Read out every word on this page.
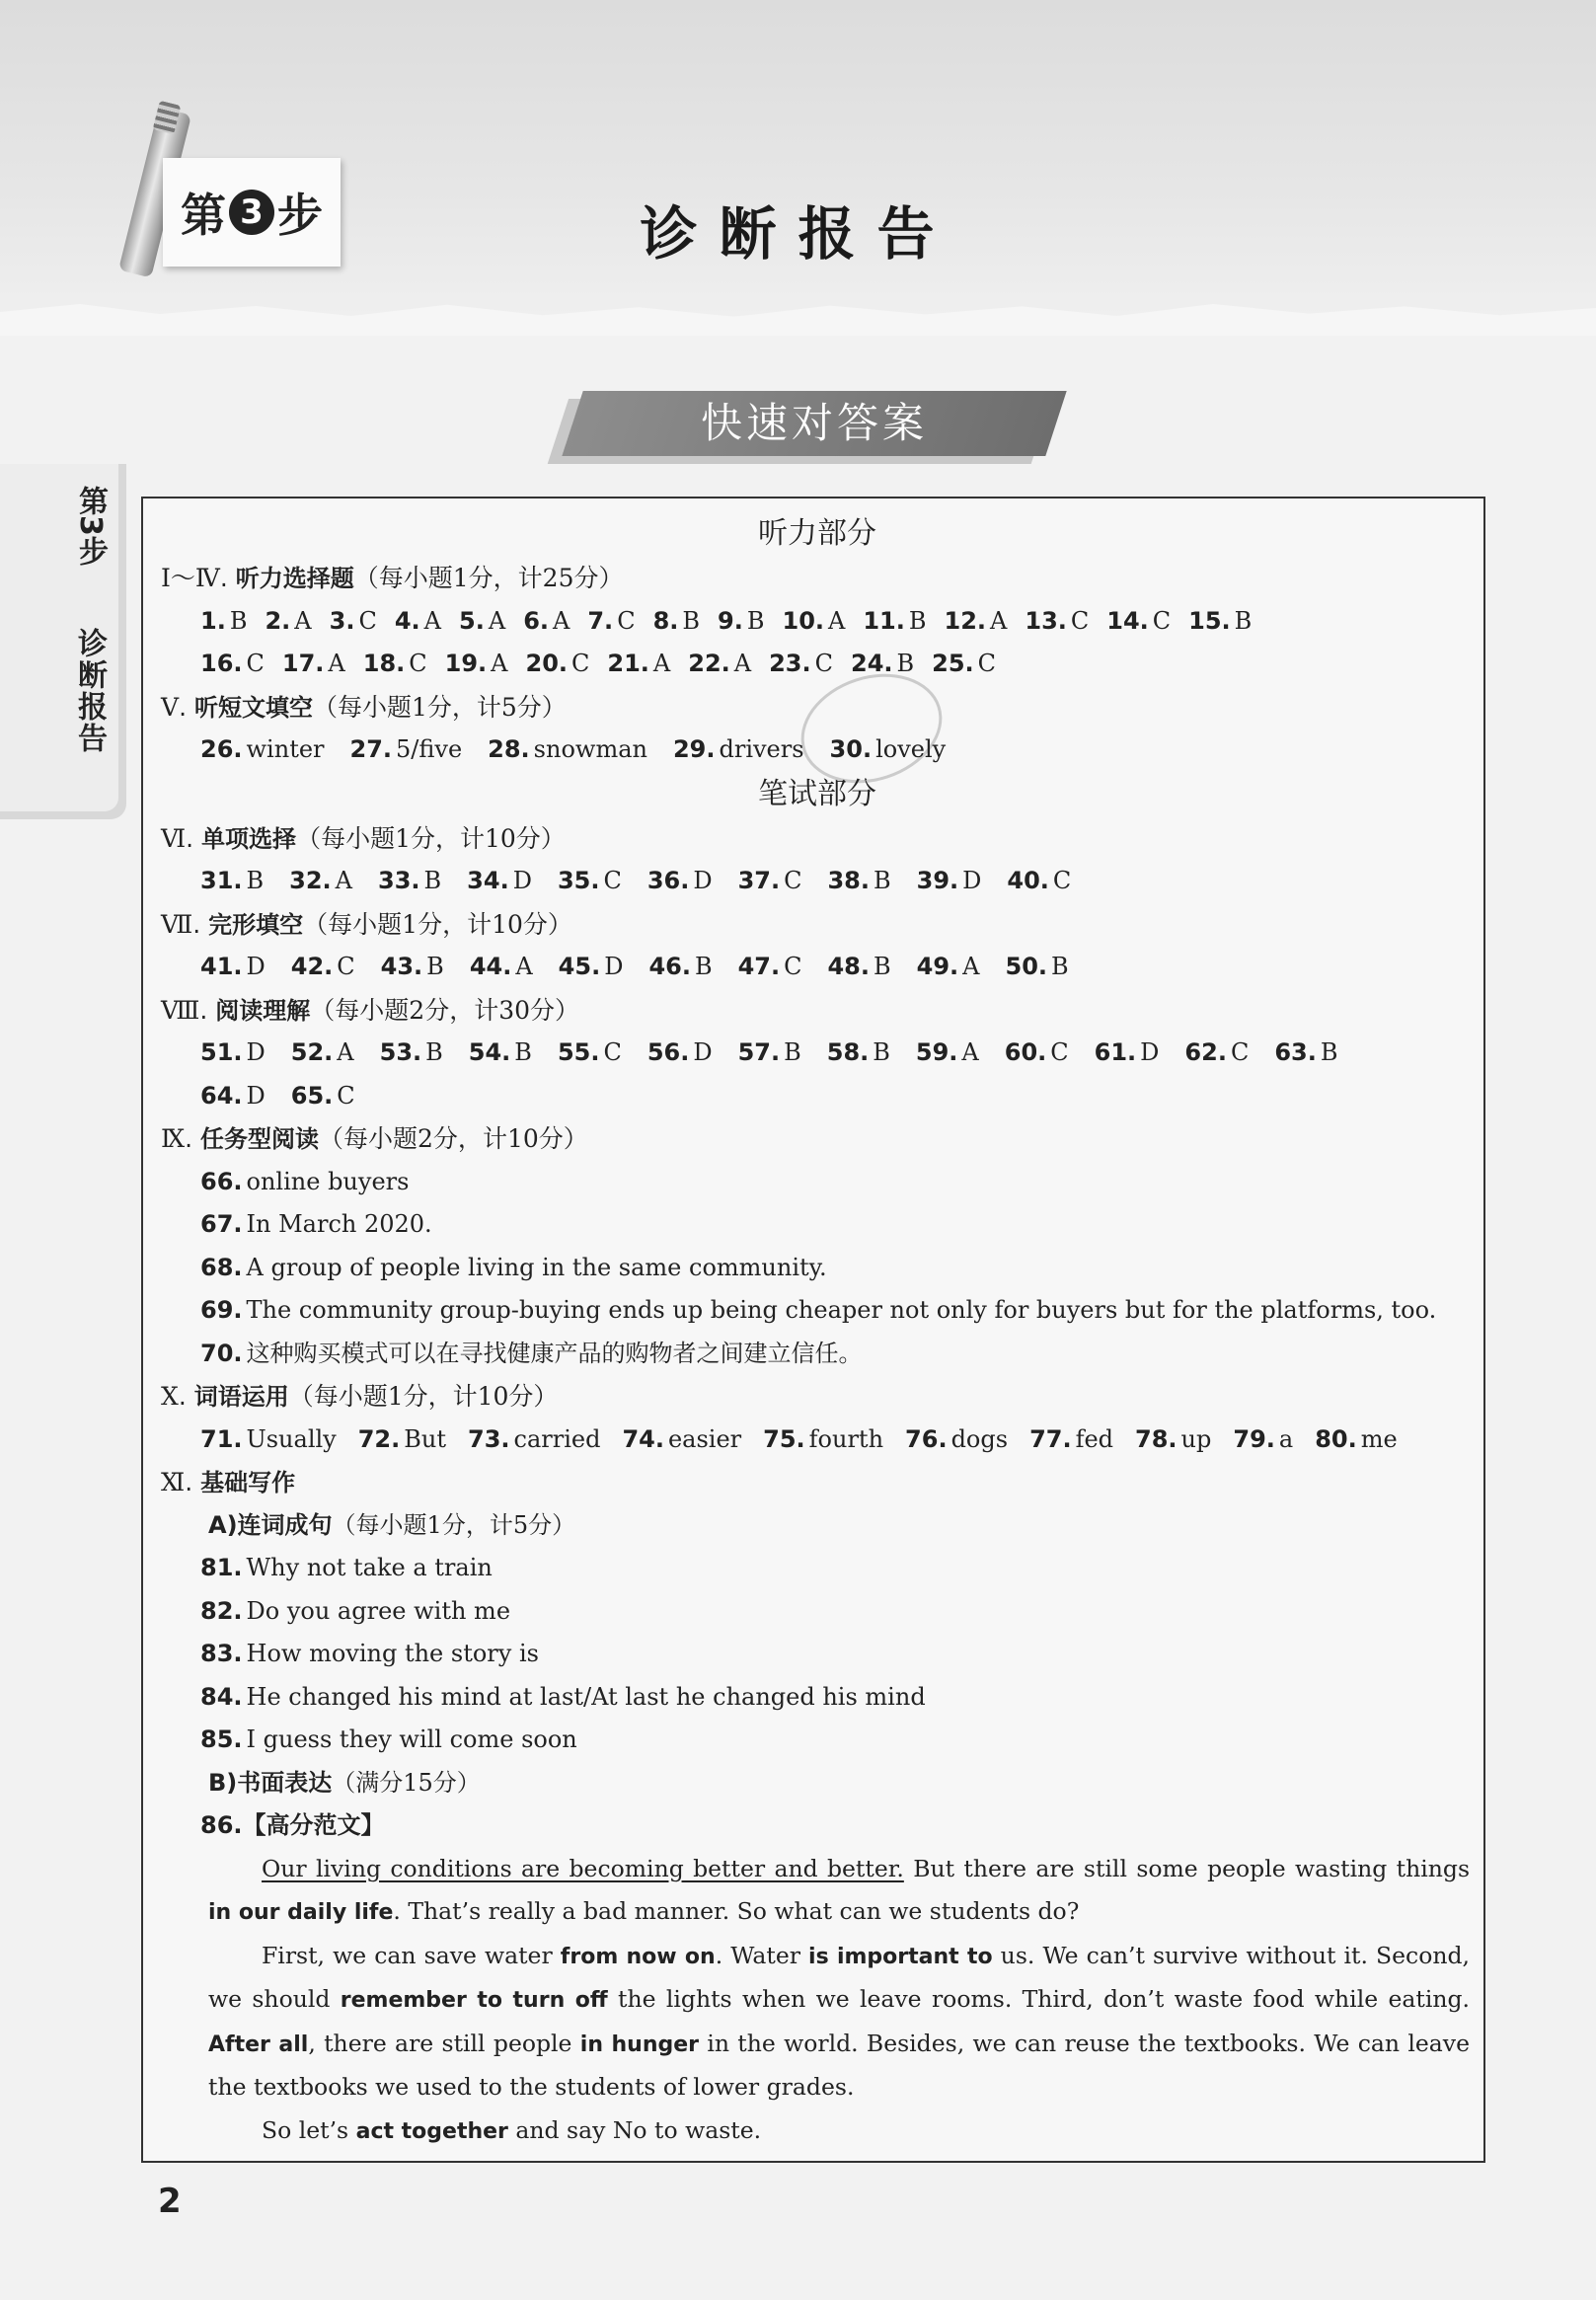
第 3 步	诊断报告
快速对答案
第3步
诊断报告
听力部分
Ⅰ～Ⅳ. 听力选择题（每小题1分，计25分）
1. B 2. A 3. C 4. A 5. A 6. A 7. C 8. B 9. B 10. A 11. B 12. A 13. C 14. C 15. B
16. C 17. A 18. C 19. A 20. C 21. A 22. A 23. C 24. B 25. C
Ⅴ. 听短文填空（每小题1分，计5分）
26. winter 27. 5/five 28. snowman 29. drivers 30. lovely
笔试部分
Ⅵ. 单项选择（每小题1分，计10分）
31. B 32. A 33. B 34. D 35. C 36. D 37. C 38. B 39. D 40. C
Ⅶ. 完形填空（每小题1分，计10分）
41. D 42. C 43. B 44. A 45. D 46. B 47. C 48. B 49. A 50. B
Ⅷ. 阅读理解（每小题2分，计30分）
51. D 52. A 53. B 54. B 55. C 56. D 57. B 58. B 59. A 60. C 61. D 62. C 63. B
64. D 65. C
Ⅸ. 任务型阅读（每小题2分，计10分）
66. online buyers
67. In March 2020.
68. A group of people living in the same community.
69. The community group-buying ends up being cheaper not only for buyers but for the platforms, too.
70. 这种购买模式可以在寻找健康产品的购物者之间建立信任。
Ⅹ. 词语运用（每小题1分，计10分）
71. Usually 72. But 73. carried 74. easier 75. fourth 76. dogs 77. fed 78. up 79. a 80. me
Ⅺ. 基础写作
A)连词成句（每小题1分，计5分）
81. Why not take a train
82. Do you agree with me
83. How moving the story is
84. He changed his mind at last/At last he changed his mind
85. I guess they will come soon
B)书面表达（满分15分）
86.【高分范文】

Our living conditions are becoming better and better. But there are still some people wasting things in our daily life. That’s really a bad manner. So what can we students do?

First, we can save water from now on. Water is important to us. We can’t survive without it. Second, we should remember to turn off the lights when we leave rooms. Third, don’t waste food while eating. After all, there are still people in hunger in the world. Besides, we can reuse the textbooks. We can leave the textbooks we used to the students of lower grades.

So let’s act together and say No to waste.

2
